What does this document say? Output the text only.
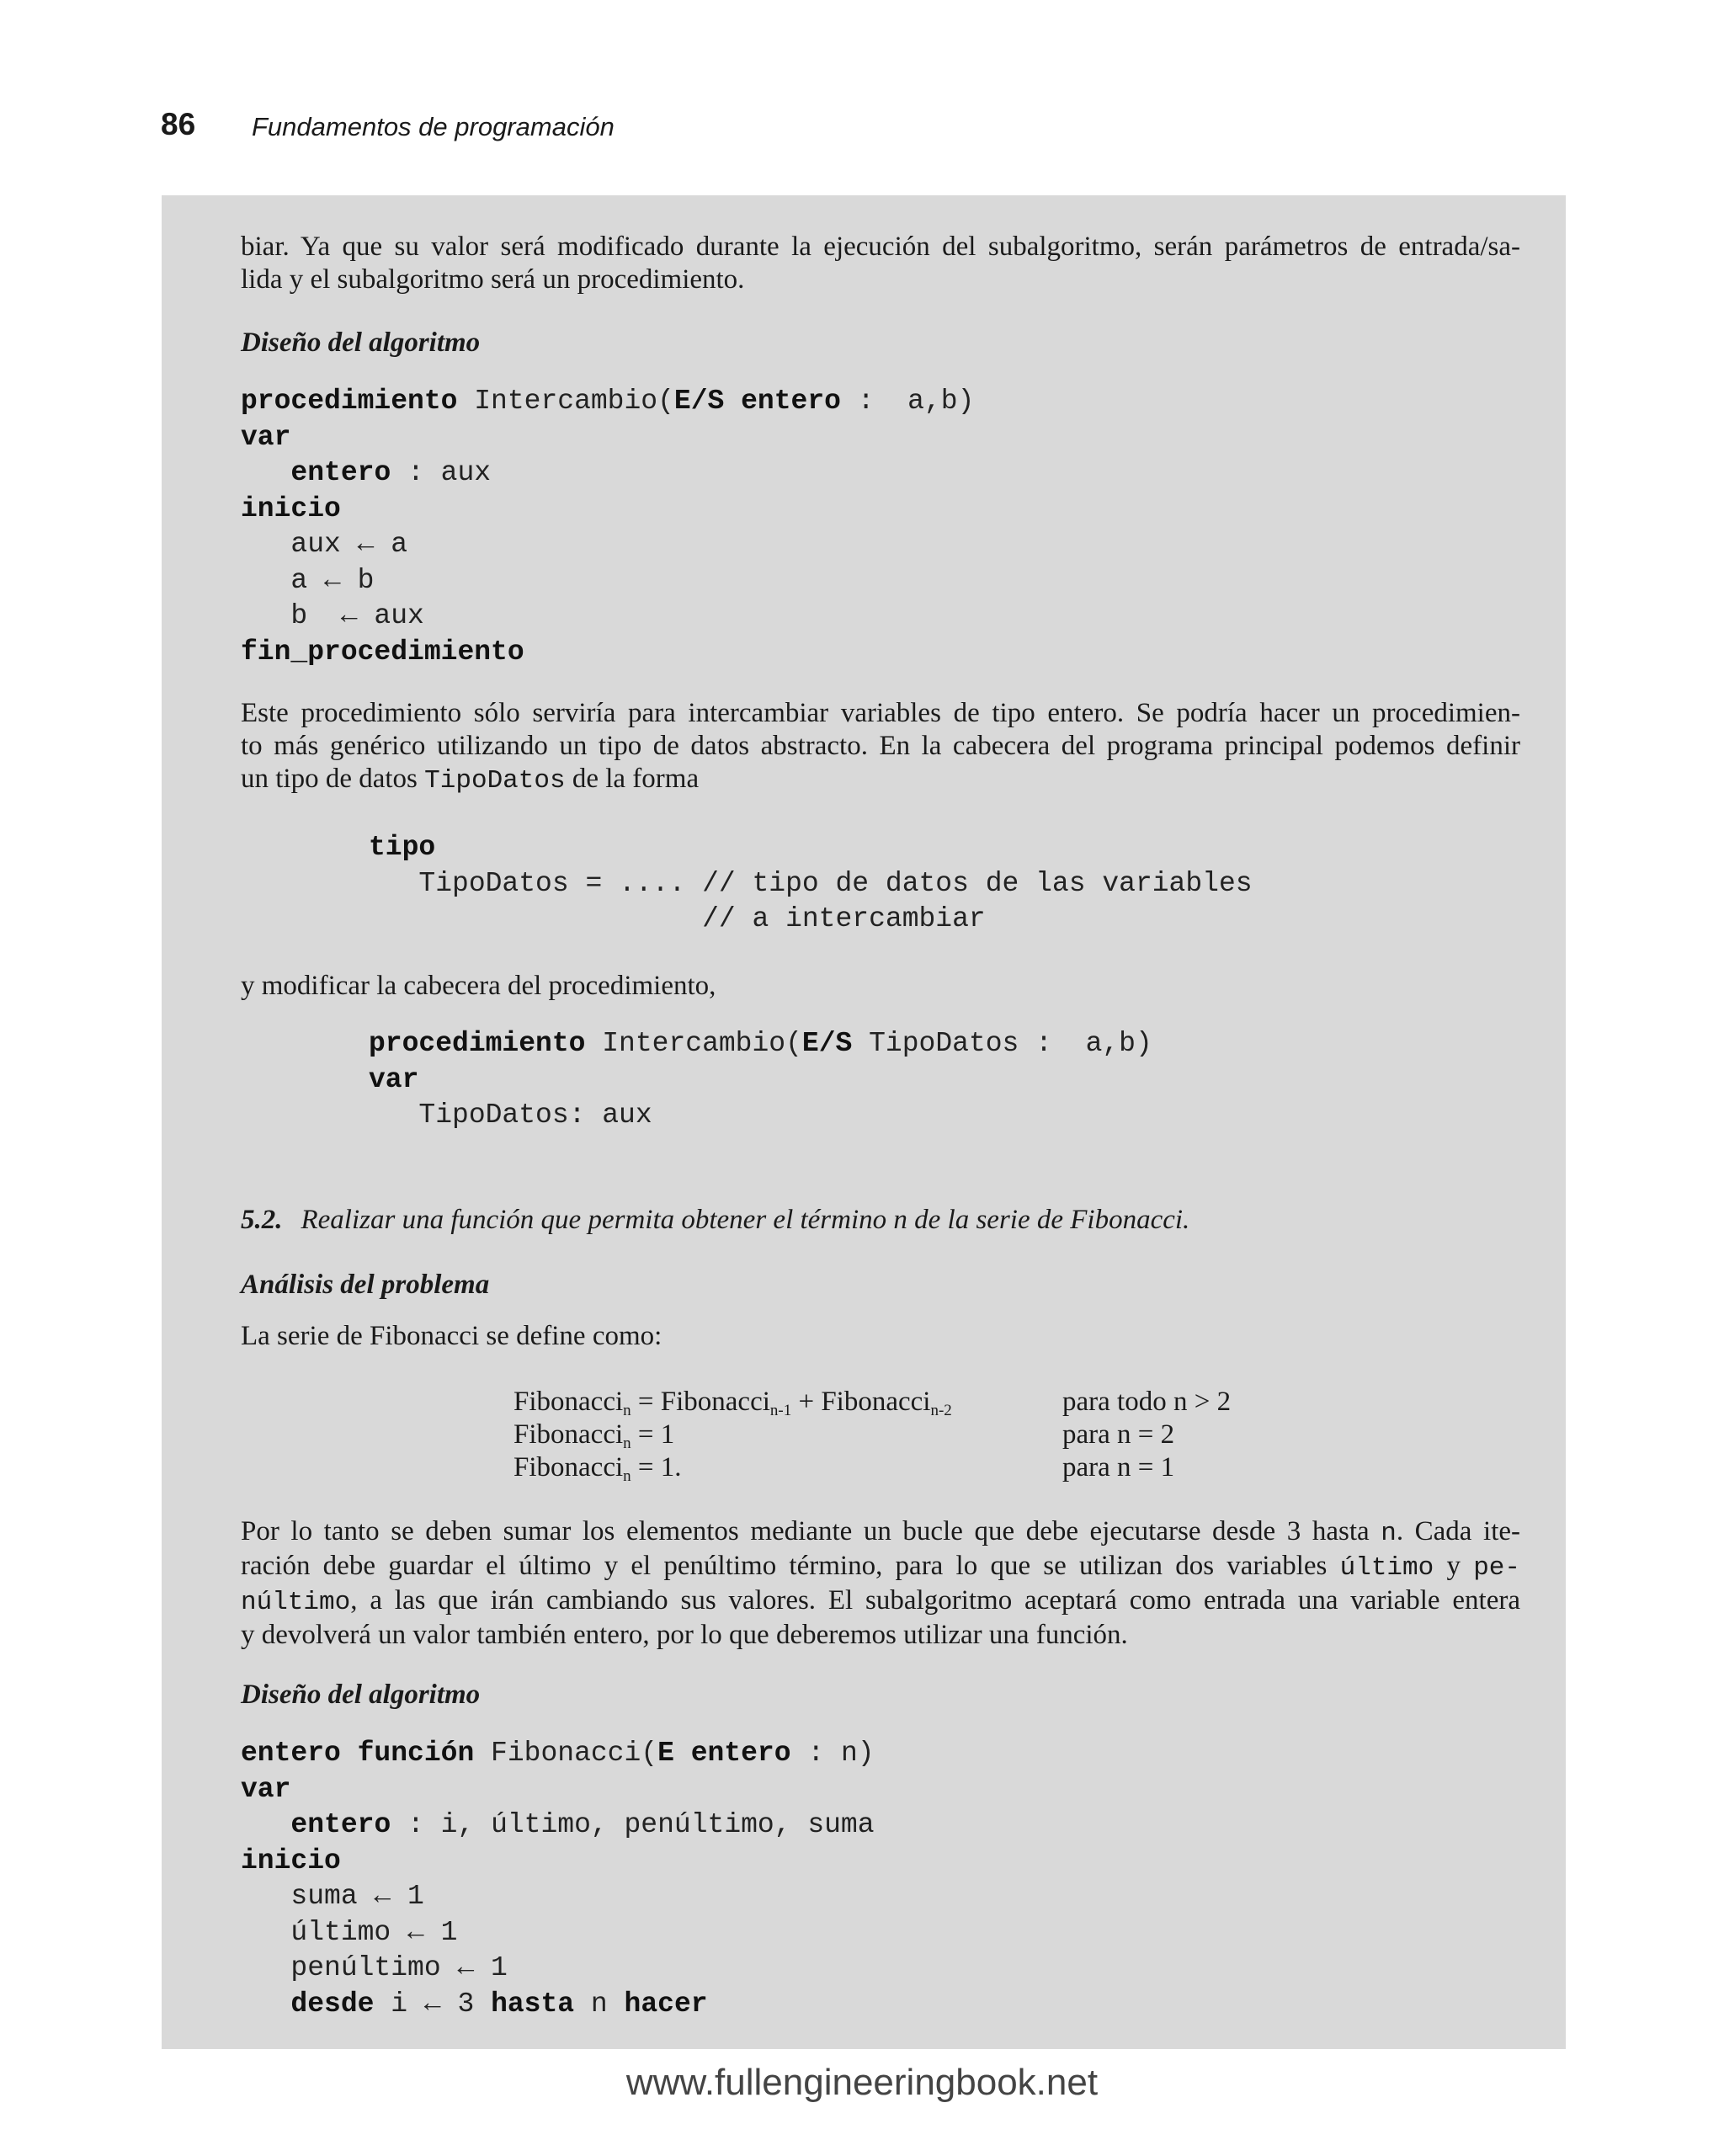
86 Fundamentos de programación

biar. Ya que su valor será modificado durante la ejecución del subalgoritmo, serán parámetros de entrada/sa-

lida y el subalgoritmo será un procedimiento.

Diseño del algoritmo
procedimiento Intercambio(E/S entero :  a,b)
var
entero : aux
inicio
aux ← a
a ← b
b  ← aux
fin_procedimiento

Este procedimiento sólo serviría para intercambiar variables de tipo entero. Se podría hacer un procedimien-

to más genérico utilizando un tipo de datos abstracto. En la cabecera del programa principal podemos definir

un tipo de datos TipoDatos de la forma

tipo
TipoDatos = .... // tipo de datos de las variables
// a intercambiar
y modificar la cabecera del procedimiento,
procedimiento Intercambio(E/S TipoDatos :  a,b)
var
TipoDatos: aux
5.2. Realizar una función que permita obtener el término n de la serie de Fibonacci.
Análisis del problema
La serie de Fibonacci se define como:
Fibonacci$_n$ = Fibonacci$_{n-1}$ + Fibonacci$_{n-2}$	para todo n > 2
Fibonacci$_n$ = 1	para n = 2
Fibonacci$_n$ = 1.	para n = 1

Por lo tanto se deben sumar los elementos mediante un bucle que debe ejecutarse desde 3 hasta n. Cada ite-

ración debe guardar el último y el penúltimo término, para lo que se utilizan dos variables último y pe-

núltimo, a las que irán cambiando sus valores. El subalgoritmo aceptará como entrada una variable entera

y devolverá un valor también entero, por lo que deberemos utilizar una función.

Diseño del algoritmo
entero función Fibonacci(E entero : n)
var
entero : i, último, penúltimo, suma
inicio
suma ← 1
último ← 1
penúltimo ← 1
desde i ← 3 hasta n hacer
www.fullengineeringbook.net
